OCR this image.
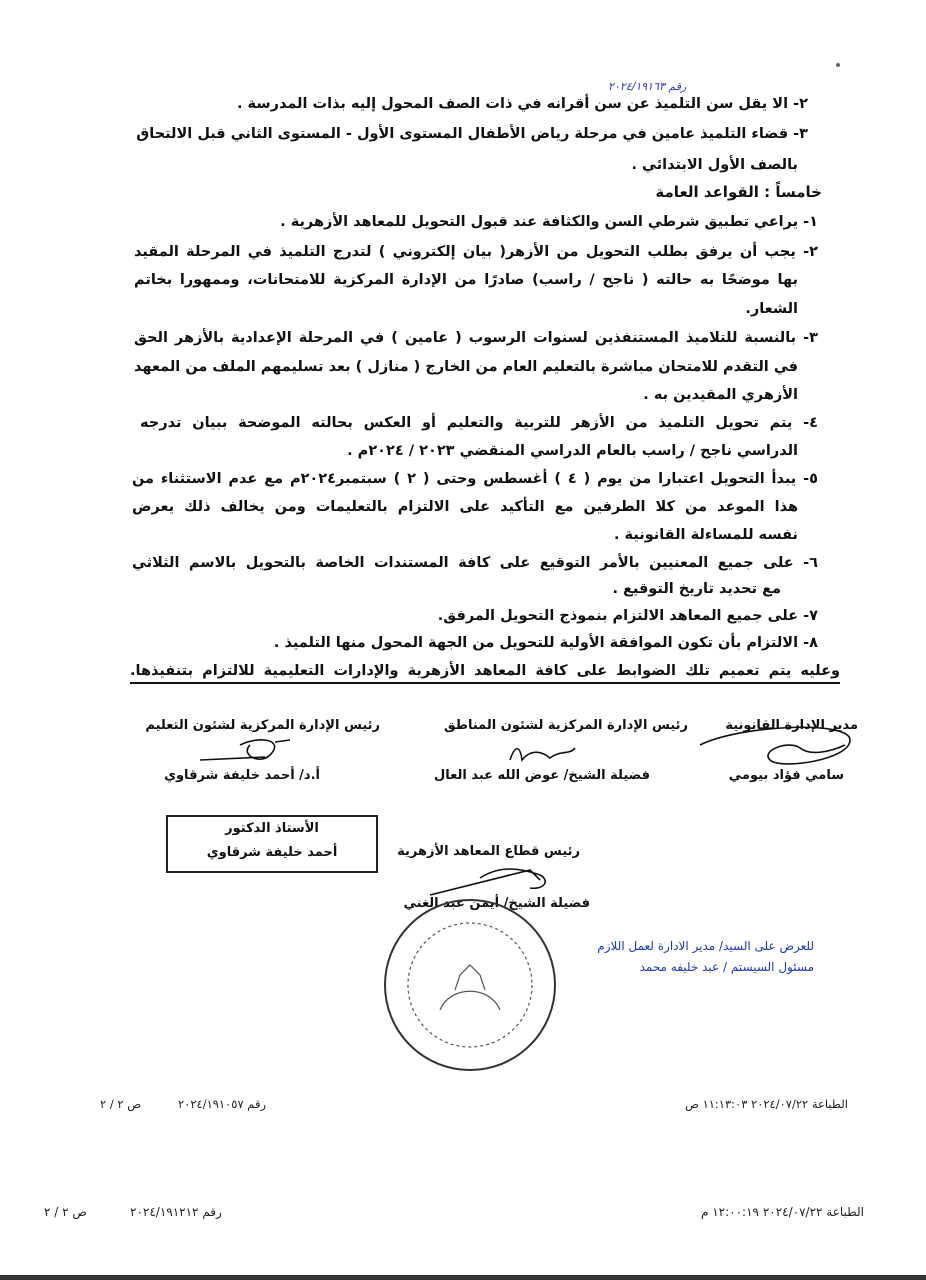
رقم ٢٠٢٤/١٩١٦٣
٢- الا يقل سن التلميذ عن سن أقرانه في ذات الصف المحول إليه بذات المدرسة .
٣- قضاء التلميذ عامين في مرحلة رياض الأطفال المستوى الأول - المستوى الثاني قبل الالتحاق
بالصف الأول الابتدائي .
خامساً : القواعد العامة
١- يراعي تطبيق شرطي السن والكثافة عند قبول التحويل للمعاهد الأزهرية .
٢- يجب أن يرفق بطلب التحويل من الأزهر( بيان إلكتروني ) لتدرج التلميذ في المرحلة المقيد
بها موضحًا به حالته ( ناجح / راسب) صادرًا من الإدارة المركزية للامتحانات، وممهورا بخاتم
الشعار.
٣- بالنسبة للتلاميذ المستنفذين لسنوات الرسوب ( عامين ) في المرحلة الإعدادية بالأزهر الحق
في التقدم للامتحان مباشرة بالتعليم العام من الخارج ( منازل ) بعد تسليمهم الملف من المعهد
الأزهري المقيدين به .
٤- يتم تحويل التلميذ من الأزهر للتربية والتعليم أو العكس بحالته الموضحة ببيان تدرجه
الدراسي ناجح / راسب بالعام الدراسي المنقضي ٢٠٢٣ / ٢٠٢٤م .
٥- يبدأ التحويل اعتبارا من يوم ( ٤ ) أغسطس وحتى ( ٢ ) سبتمبر٢٠٢٤م مع عدم الاستثناء من
هذا الموعد من كلا الطرفين مع التأكيد على الالتزام بالتعليمات ومن يخالف ذلك يعرض
نفسه للمساءلة القانونية .
٦- على جميع المعنيين بالأمر التوقيع على كافة المستندات الخاصة بالتحويل بالاسم الثلاثي
مع تحديد تاريخ التوقيع .
٧- على جميع المعاهد الالتزام بنموذج التحويل المرفق.
٨- الالتزام بأن تكون الموافقة الأولية للتحويل من الجهة المحول منها التلميذ .
وعليه يتم تعميم تلك الضوابط على كافة المعاهد الأزهرية والإدارات التعليمية للالتزام بتنفيذها.
مدير الإدارة القانونية
سامي فؤاد بيومي
رئيس الإدارة المركزية لشئون المناطق
فضيلة الشيخ/ عوض الله عبد العال
رئيس الإدارة المركزية لشئون التعليم
أ.د/ أحمد خليفة شرقاوي
رئيس قطاع المعاهد الأزهرية
فضيلة الشيخ/ أيمن عبد الغني
الأستاذ الدكتور
أحمد خليفة شرقاوي
للعرض على السيد/ مدير الادارة لعمل اللازم
مسئول السيستم / عبد خليفه محمد
الطباعة ٢٠٢٤/٠٧/٢٢ ١١:١٣:٠٣ ص
رقم ٢٠٢٤/١٩١٠٥٧
ص ٢ / ٢
الطباعة ٢٠٢٤/٠٧/٢٢ ١٢:٠٠:١٩ م
رقم ٢٠٢٤/١٩١٢١٢
ص ٢ / ٢
